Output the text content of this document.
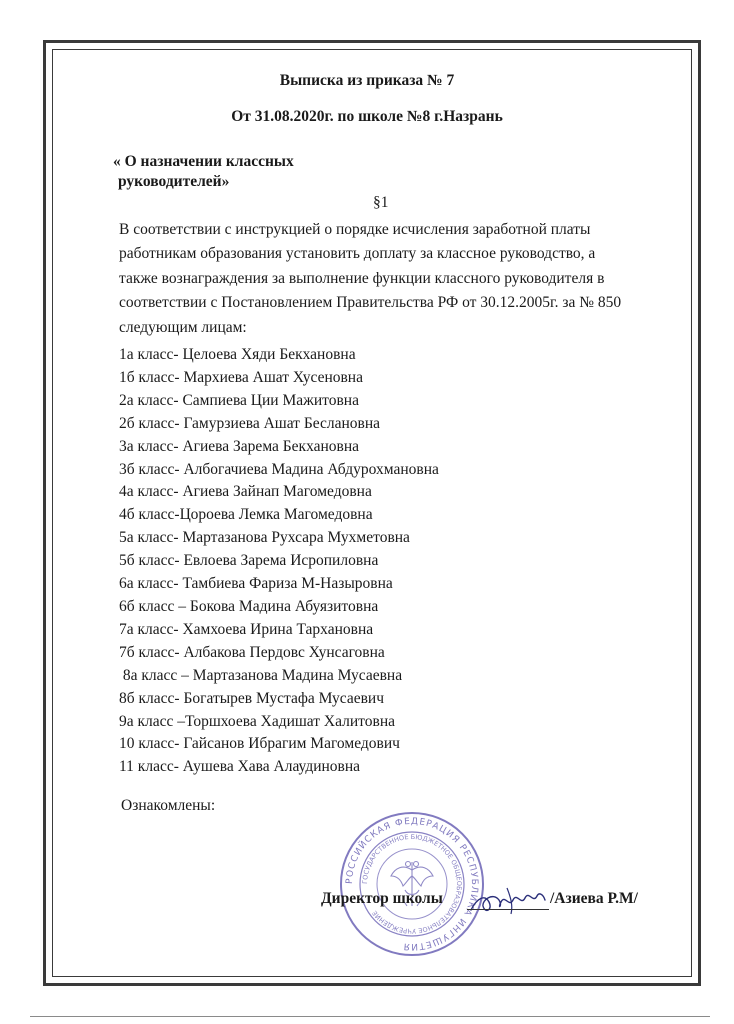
Выписка из приказа № 7
От 31.08.2020г. по школе №8 г.Назрань
« О назначении классных
руководителей»
§1
В соответствии с инструкцией о порядке исчисления заработной платы
работникам образования установить доплату за классное руководство, а
также вознаграждения за выполнение функции классного руководителя в
соответствии с Постановлением Правительства РФ от 30.12.2005г. за № 850
следующим лицам:
1а класс- Целоева Хяди Бекхановна
1б класс- Мархиева Ашат Хусеновна
2а класс- Сампиева Ции Мажитовна
2б класс- Гамурзиева Ашат Беслановна
3а класс- Агиева Зарема Бекхановна
3б класс- Албогачиева Мадина Абдурохмановна
4а класс- Агиева Зайнап Магомедовна
4б класс-Цороева Лемка Магомедовна
5а класс- Мартазанова Рухсара Мухметовна
5б класс- Евлоева Зарема Исропиловна
6а класс- Тамбиева Фариза М-Назыровна
6б класс – Бокова Мадина Абуязитовна
7а класс- Хамхоева Ирина Тархановна
7б класс- Албакова Пердовс Хунсаговна
8а класс – Мартазанова Мадина Мусаевна
8б класс- Богатырев Мустафа Мусаевич
9а класс –Торшхоева Хадишат Халитовна
10 класс- Гайсанов Ибрагим Магомедович
11 класс- Аушева Хава Алаудиновна
Ознакомлены:
РОССИЙСКАЯ ФЕДЕРАЦИЯ РЕСПУБЛИКА ИНГУШЕТИЯ
ГОСУДАРСТВЕННОЕ БЮДЖЕТНОЕ ОБЩЕОБРАЗОВАТЕЛЬНОЕ УЧРЕЖДЕНИЕ
Директор школы	/Азиева Р.М/
